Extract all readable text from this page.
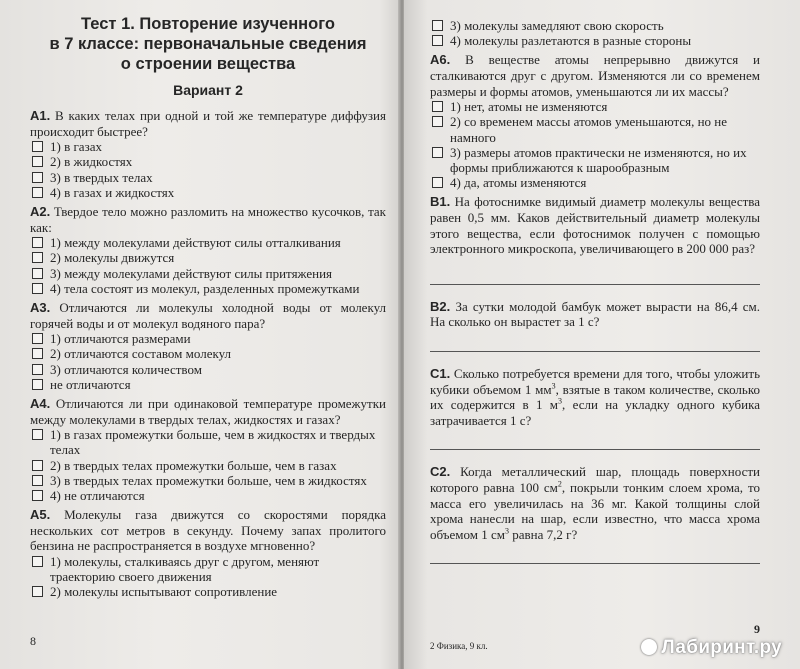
Тест 1. Повторение изученного
в 7 классе: первоначальные сведения
о строении вещества
Вариант 2
A1. В каких телах при одной и той же температуре диффузия происходит быстрее?
1) в газах
2) в жидкостях
3) в твердых телах
4) в газах и жидкостях
A2. Твердое тело можно разломить на множество кусочков, так как:
1) между молекулами действуют силы отталкивания
2) молекулы движутся
3) между молекулами действуют силы притяжения
4) тела состоят из молекул, разделенных промежутками
A3. Отличаются ли молекулы холодной воды от молекул горячей воды и от молекул водяного пара?
1) отличаются размерами
2) отличаются составом молекул
3) отличаются количеством
не отличаются
A4. Отличаются ли при одинаковой температуре промежутки между молекулами в твердых телах, жидкостях и газах?
1) в газах промежутки больше, чем в жидкостях и твердых телах
2) в твердых телах промежутки больше, чем в газах
3) в твердых телах промежутки больше, чем в жидкостях
4) не отличаются
A5. Молекулы газа движутся со скоростями порядка нескольких сот метров в секунду. Почему запах пролитого бензина не распространяется в воздухе мгновенно?
1) молекулы, сталкиваясь друг с другом, меняют траекторию своего движения
2) молекулы испытывают сопротивление
8
3) молекулы замедляют свою скорость
4) молекулы разлетаются в разные стороны
A6. В веществе атомы непрерывно движутся и сталкиваются друг с другом. Изменяются ли со временем размеры и формы атомов, уменьшаются ли их массы?
1) нет, атомы не изменяются
2) со временем массы атомов уменьшаются, но не намного
3) размеры атомов практически не изменяются, но их формы приближаются к шарообразным
4) да, атомы изменяются
B1. На фотоснимке видимый диаметр молекулы вещества равен 0,5 мм. Каков действительный диаметр молекулы этого вещества, если фотоснимок получен с помощью электронного микроскопа, увеличивающего в 200 000 раз?
B2. За сутки молодой бамбук может вырасти на 86,4 см. На сколько он вырастет за 1 с?
C1. Сколько потребуется времени для того, чтобы уложить кубики объемом 1 $мм^3$, взятые в таком количестве, сколько их содержится в 1 $м^3$, если на укладку одного кубика затрачивается 1 с?
C2. Когда металлический шар, площадь поверхности которого равна 100 $см^2$, покрыли тонким слоем хрома, то масса его увеличилась на 36 мг. Какой толщины слой хрома нанесли на шар, если известно, что масса хрома объемом 1 $см^3$ равна 7,2 г?
9
2 Физика, 9 кл.	Лабиринт.ру
